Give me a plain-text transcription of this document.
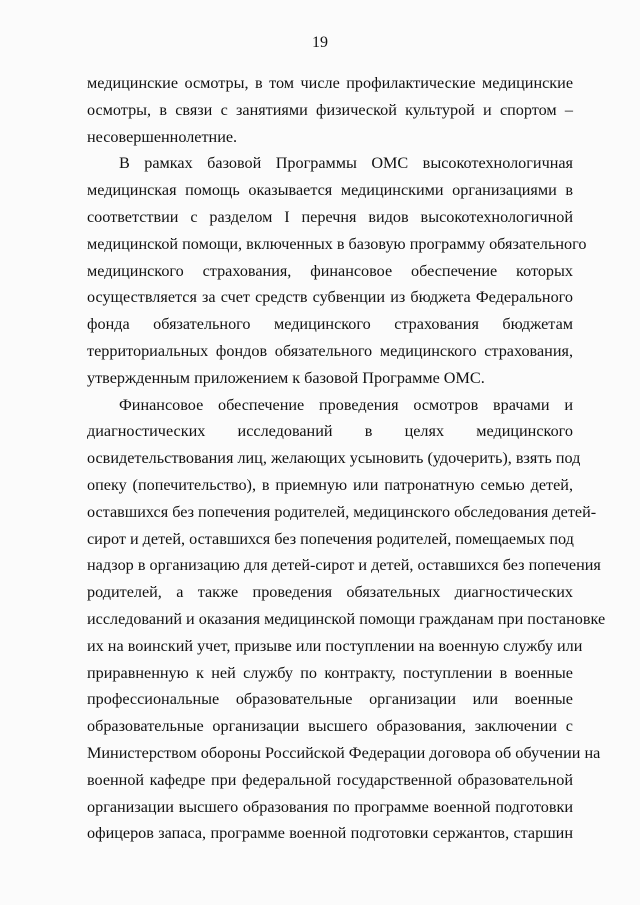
19
медицинские осмотры, в том числе профилактические медицинские
осмотры, в связи с занятиями физической культурой и спортом –
несовершеннолетние.
В рамках базовой Программы ОМС высокотехнологичная
медицинская помощь оказывается медицинскими организациями в
соответствии с разделом I перечня видов высокотехнологичной
медицинской помощи, включенных в базовую программу обязательного
медицинского страхования, финансовое обеспечение которых
осуществляется за счет средств субвенции из бюджета Федерального
фонда обязательного медицинского страхования бюджетам
территориальных фондов обязательного медицинского страхования,
утвержденным приложением к базовой Программе ОМС.
Финансовое обеспечение проведения осмотров врачами и
диагностических исследований в целях медицинского
освидетельствования лиц, желающих усыновить (удочерить), взять под
опеку (попечительство), в приемную или патронатную семью детей,
оставшихся без попечения родителей, медицинского обследования детей-
сирот и детей, оставшихся без попечения родителей, помещаемых под
надзор в организацию для детей-сирот и детей, оставшихся без попечения
родителей, а также проведения обязательных диагностических
исследований и оказания медицинской помощи гражданам при постановке
их на воинский учет, призыве или поступлении на военную службу или
приравненную к ней службу по контракту, поступлении в военные
профессиональные образовательные организации или военные
образовательные организации высшего образования, заключении с
Министерством обороны Российской Федерации договора об обучении на
военной кафедре при федеральной государственной образовательной
организации высшего образования по программе военной подготовки
офицеров запаса, программе военной подготовки сержантов, старшин
